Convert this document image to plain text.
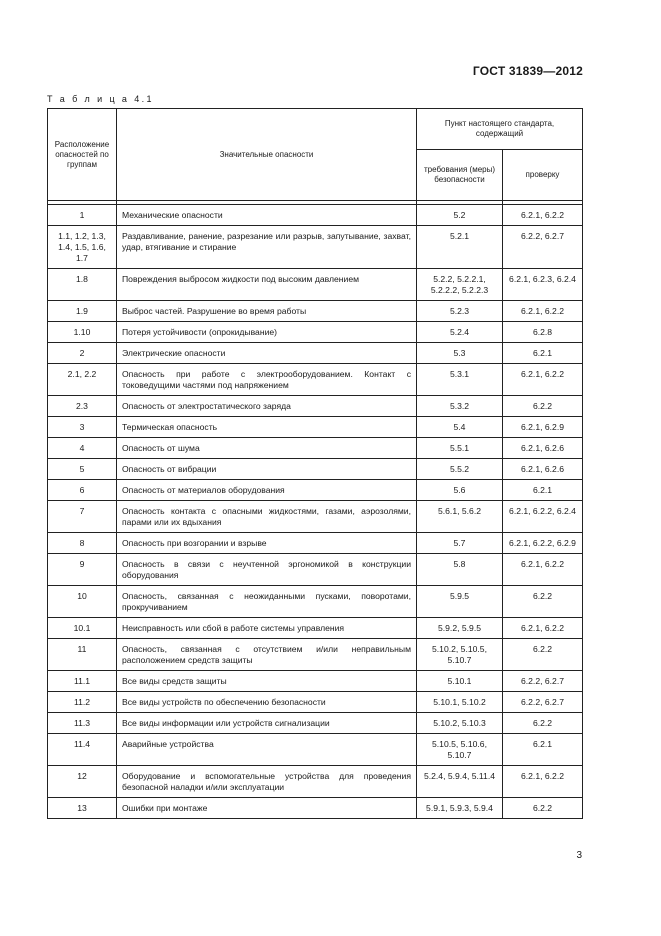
ГОСТ 31839—2012
Т а б л и ц а 4.1
Расположение опасностей по группам	Значительные опасности	Пункт настоящего стандарта, содержащий	
		требования (меры) безопасности	проверку

1	Механические опасности	5.2	6.2.1, 6.2.2
1.1, 1.2, 1.3, 1.4, 1.5, 1.6, 1.7	Раздавливание, ранение, разрезание или разрыв, запутывание, захват, удар, втягивание и стирание	5.2.1	6.2.2, 6.2.7
1.8	Повреждения выбросом жидкости под высоким давлением	5.2.2, 5.2.2.1, 5.2.2.2, 5.2.2.3	6.2.1, 6.2.3, 6.2.4
1.9	Выброс частей. Разрушение во время работы	5.2.3	6.2.1, 6.2.2
1.10	Потеря устойчивости (опрокидывание)	5.2.4	6.2.8
2	Электрические опасности	5.3	6.2.1
2.1, 2.2	Опасность при работе с электрооборудованием. Контакт с токоведущими частями под напряжением	5.3.1	6.2.1, 6.2.2
2.3	Опасность от электростатического заряда	5.3.2	6.2.2
3	Термическая опасность	5.4	6.2.1, 6.2.9
4	Опасность от шума	5.5.1	6.2.1, 6.2.6
5	Опасность от вибрации	5.5.2	6.2.1, 6.2.6
6	Опасность от материалов оборудования	5.6	6.2.1
7	Опасность контакта с опасными жидкостями, газами, аэрозолями, парами или их вдыхания	5.6.1, 5.6.2	6.2.1, 6.2.2, 6.2.4
8	Опасность при возгорании и взрыве	5.7	6.2.1, 6.2.2, 6.2.9
9	Опасность в связи с неучтенной эргономикой в конструкции оборудования	5.8	6.2.1, 6.2.2
10	Опасность, связанная с неожиданными пусками, поворотами, прокручиванием	5.9.5	6.2.2
10.1	Неисправность или сбой в работе системы управления	5.9.2, 5.9.5	6.2.1, 6.2.2
11	Опасность, связанная с отсутствием и/или неправильным расположением средств защиты	5.10.2, 5.10.5, 5.10.7	6.2.2
11.1	Все виды средств защиты	5.10.1	6.2.2, 6.2.7
11.2	Все виды устройств по обеспечению безопасности	5.10.1, 5.10.2	6.2.2, 6.2.7
11.3	Все виды информации или устройств сигнализации	5.10.2, 5.10.3	6.2.2
11.4	Аварийные устройства	5.10.5, 5.10.6, 5.10.7	6.2.1
12	Оборудование и вспомогательные устройства для проведения безопасной наладки и/или эксплуатации	5.2.4, 5.9.4, 5.11.4	6.2.1, 6.2.2
13	Ошибки при монтаже	5.9.1, 5.9.3, 5.9.4	6.2.2
3
